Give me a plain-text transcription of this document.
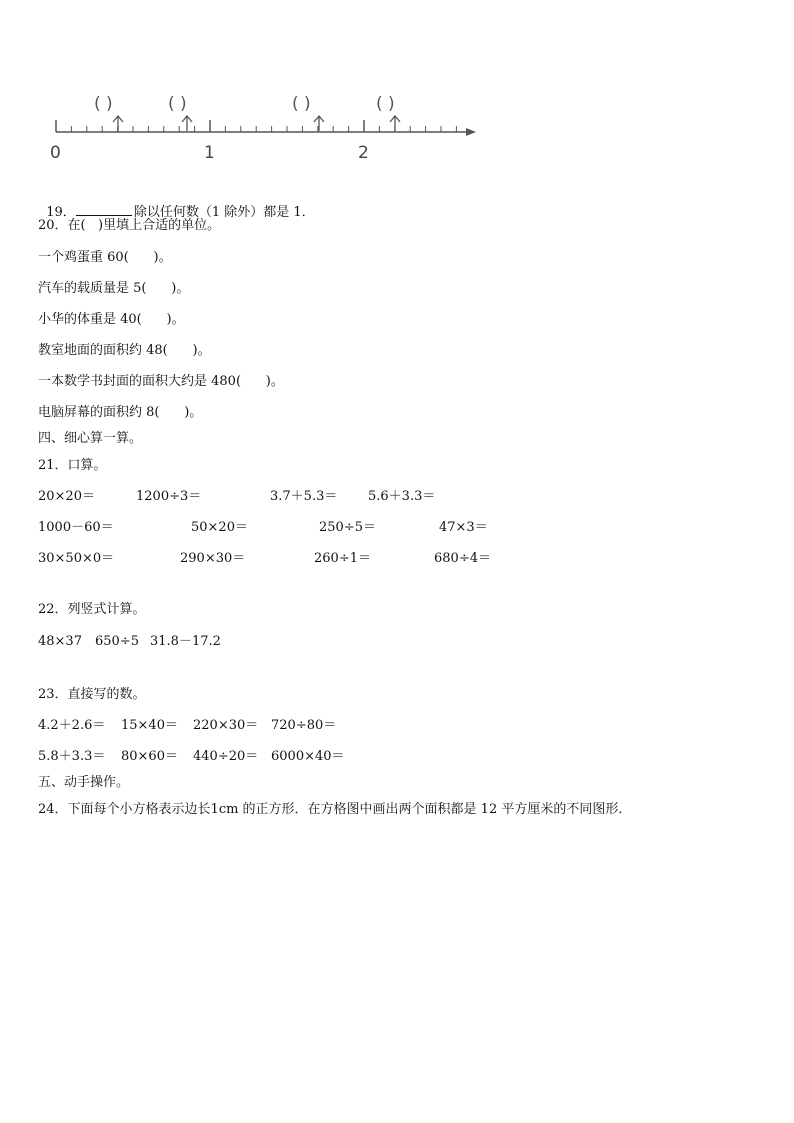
( )	( )	( )	( )
0	1	2

19．	除以任何数（1 除外）都是 1．

20．在(   )里填上合适的单位。
一个鸡蛋重 60(      )。
汽车的载质量是 5(      )。
小华的体重是 40(      )。
教室地面的面积约 48(      )。
一本数学书封面的面积大约是 480(      )。
电脑屏幕的面积约 8(      )。
四、细心算一算。
21．口算。
20×20＝	1200÷3＝	3.7＋5.3＝ 5.6＋3.3＝
1000－60＝	50×20＝	250÷5＝	47×3＝
30×50×0＝	290×30＝	260÷1＝	680÷4＝
22．列竖式计算。
48×37 650÷5 31.8－17.2
23．直接写的数。
4.2＋2.6＝ 15×40＝ 220×30＝ 720÷80＝
5.8＋3.3＝ 80×60＝ 440÷20＝ 6000×40＝
五、动手操作。
24．下面每个小方格表示边长1cm 的正方形．在方格图中画出两个面积都是 12 平方厘米的不同图形．
